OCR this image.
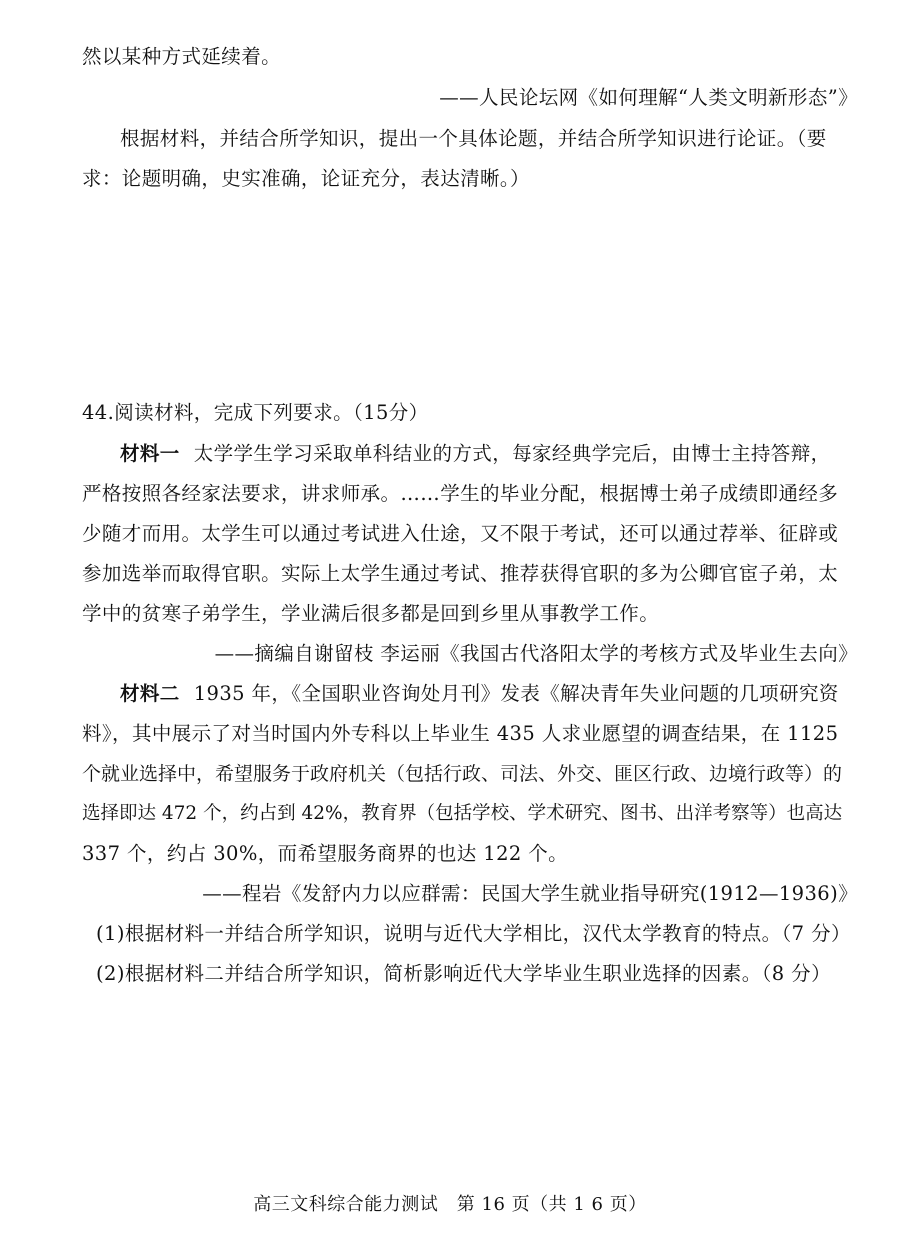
然以某种方式延续着。
——人民论坛网《如何理解“人类文明新形态”》
根据材料，并结合所学知识，提出一个具体论题，并结合所学知识进行论证。（要
求：论题明确，史实准确，论证充分，表达清晰。）
44.阅读材料，完成下列要求。（15分）
材料一 太学学生学习采取单科结业的方式，每家经典学完后，由博士主持答辩，
严格按照各经家法要求，讲求师承。……学生的毕业分配，根据博士弟子成绩即通经多
少随才而用。太学生可以通过考试进入仕途，又不限于考试，还可以通过荐举、征辟或
参加选举而取得官职。实际上太学生通过考试、推荐获得官职的多为公卿官宦子弟，太
学中的贫寒子弟学生，学业满后很多都是回到乡里从事教学工作。
——摘编自谢留枝 李运丽《我国古代洛阳太学的考核方式及毕业生去向》
材料二 1935 年，《全国职业咨询处月刊》发表《解决青年失业问题的几项研究资
料》，其中展示了对当时国内外专科以上毕业生 435 人求业愿望的调查结果，在 1125
个就业选择中，希望服务于政府机关（包括行政、司法、外交、匪区行政、边境行政等）的
选择即达 472 个，约占到 42%，教育界（包括学校、学术研究、图书、出洋考察等）也高达
337 个，约占 30%，而希望服务商界的也达 122 个。
——程岩《发舒内力以应群需：民国大学生就业指导研究(1912—1936)》
(1)根据材料一并结合所学知识，说明与近代大学相比，汉代太学教育的特点。（7 分）
(2)根据材料二并结合所学知识，简析影响近代大学毕业生职业选择的因素。（8 分）
高三文科综合能力测试　第 16 页（共 1 6 页）
